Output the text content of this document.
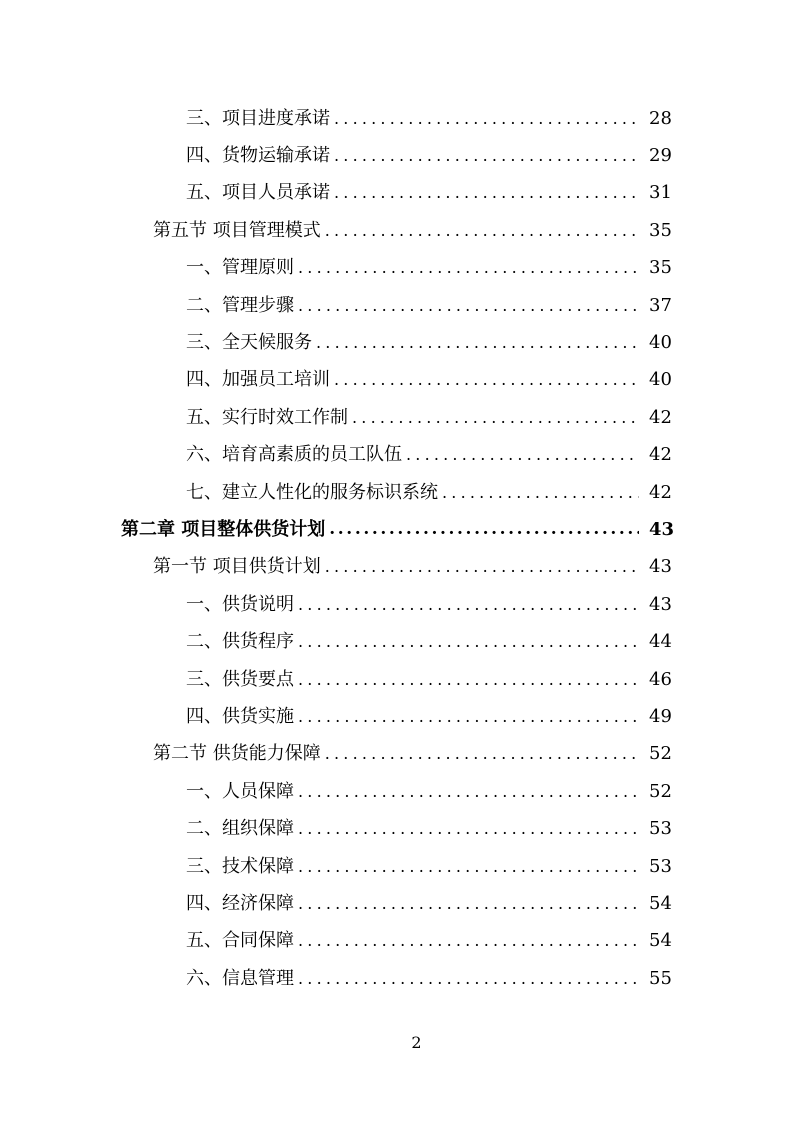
三、项目进度承诺 .....	28
四、货物运输承诺 .....	29
五、项目人员承诺 .....	31
第五节 项目管理模式 .....	35
一、管理原则 .....	35
二、管理步骤 .....	37
三、全天候服务 .....	40
四、加强员工培训 .....	40
五、实行时效工作制 .....	42
六、培育高素质的员工队伍 .....	42
七、建立人性化的服务标识系统 .....	42
第二章 项目整体供货计划 .....	43
第一节 项目供货计划 .....	43
一、供货说明 .....	43
二、供货程序 .....	44
三、供货要点 .....	46
四、供货实施 .....	49
第二节 供货能力保障 .....	52
一、人员保障 .....	52
二、组织保障 .....	53
三、技术保障 .....	53
四、经济保障 .....	54
五、合同保障 .....	54
六、信息管理 .....	55
2
